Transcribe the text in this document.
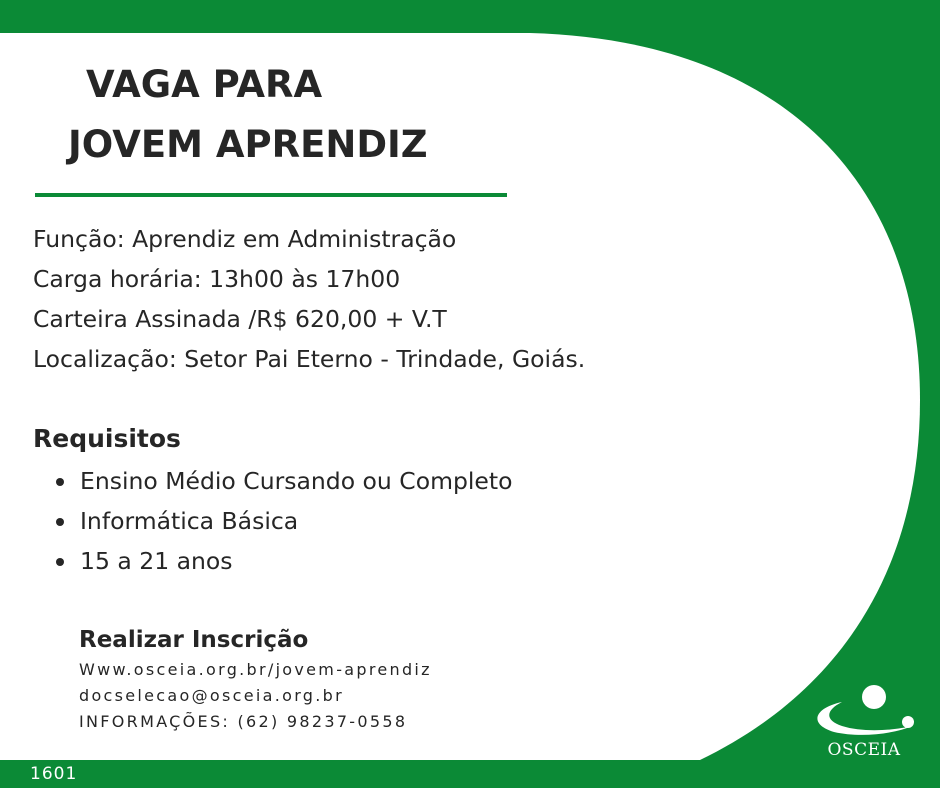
VAGA PARA
JOVEM APRENDIZ
Função: Aprendiz em Administração
Carga horária: 13h00 às 17h00
Carteira Assinada /R$ 620,00 + V.T
Localização: Setor Pai Eterno - Trindade, Goiás.
Requisitos
Ensino Médio Cursando ou Completo
Informática Básica
15 a 21 anos
Realizar Inscrição
Www.osceia.org.br/jovem-aprendiz
docselecao@osceia.org.br
INFORMAÇÕES: (62) 98237-0558
1601
OSCEIA
